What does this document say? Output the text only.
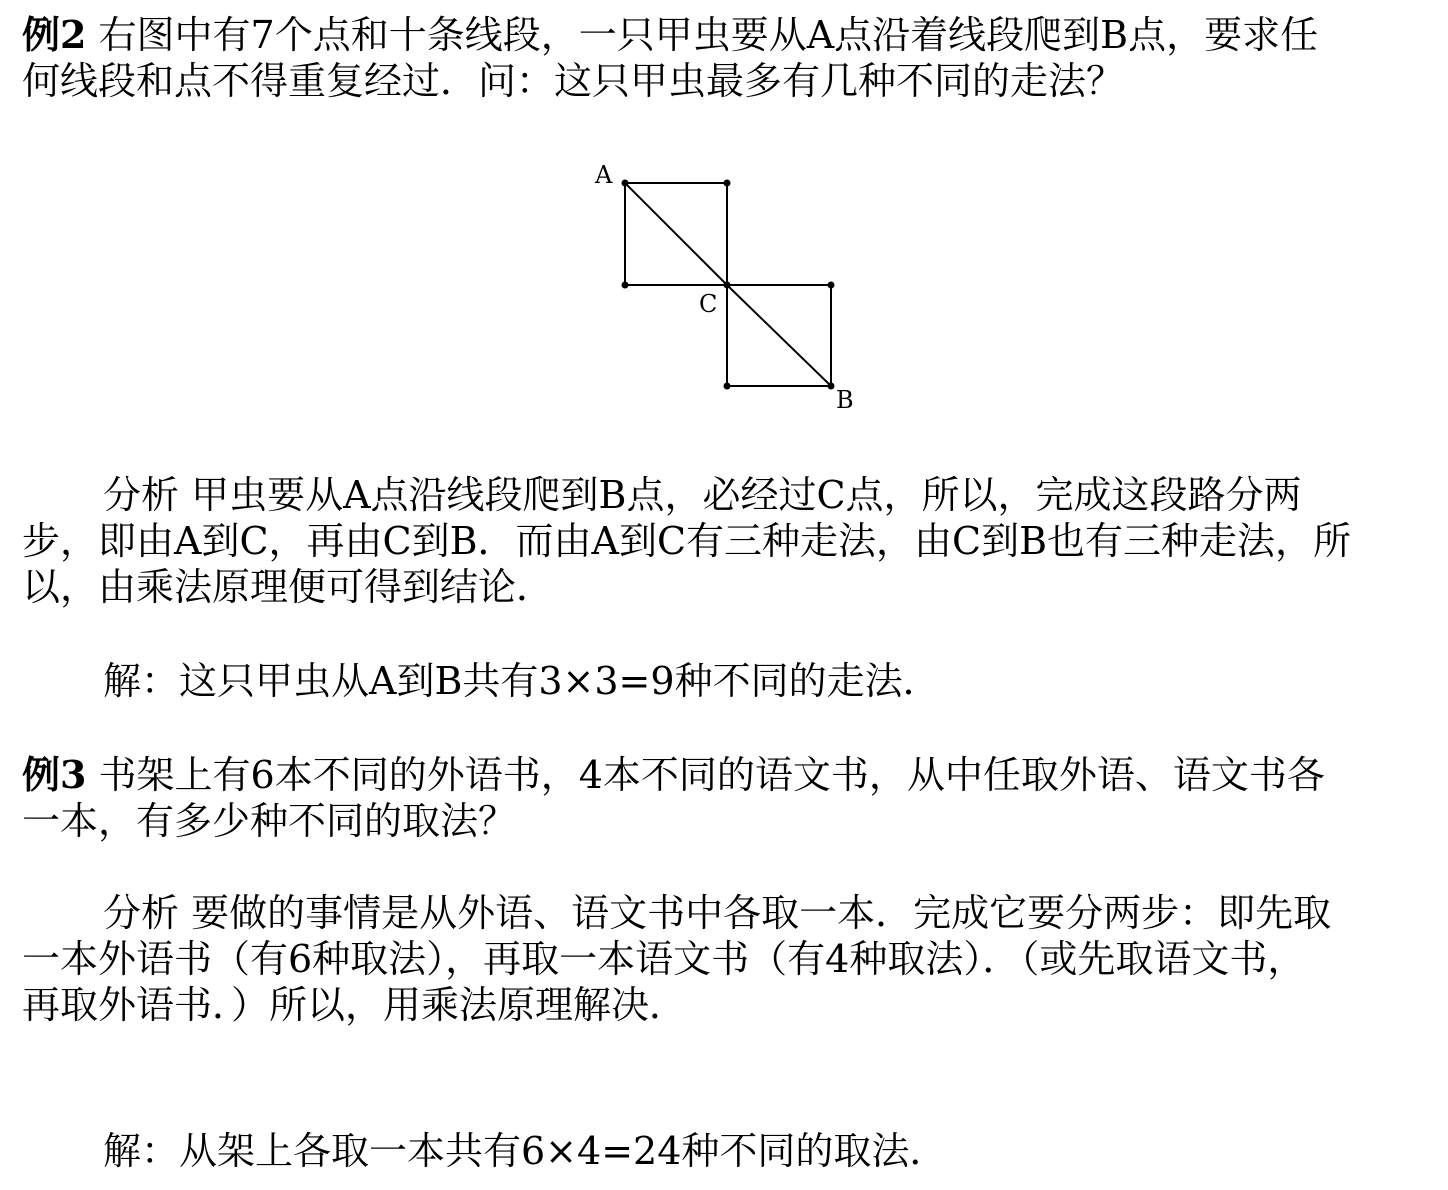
例2 右图中有7个点和十条线段，一只甲虫要从A点沿着线段爬到B点，要求任
何线段和点不得重复经过．问：这只甲虫最多有几种不同的走法？
A
C
B
分析 甲虫要从A点沿线段爬到B点，必经过C点，所以，完成这段路分两
步，即由A到C，再由C到B．而由A到C有三种走法，由C到B也有三种走法，所
以，由乘法原理便可得到结论．
解：这只甲虫从A到B共有3×3=9种不同的走法．
例3 书架上有6本不同的外语书，4本不同的语文书，从中任取外语、语文书各
一本，有多少种不同的取法？
分析 要做的事情是从外语、语文书中各取一本．完成它要分两步：即先取
一本外语书（有6种取法），再取一本语文书（有4种取法）．（或先取语文书，
再取外语书．）所以，用乘法原理解决．
解：从架上各取一本共有6×4=24种不同的取法．
